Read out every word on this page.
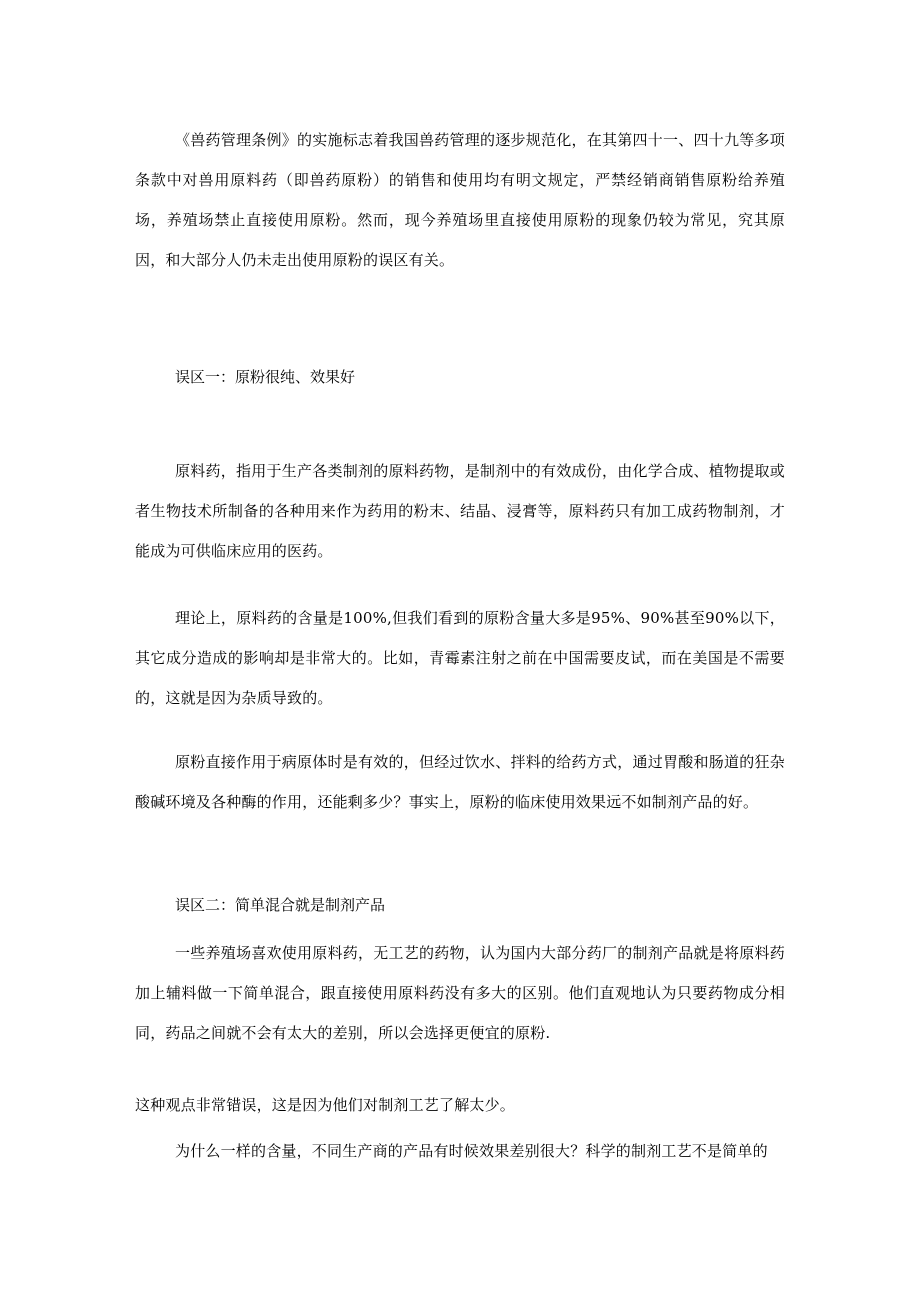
《兽药管理条例》的实施标志着我国兽药管理的逐步规范化，在其第四十一、四十九等多项条款中对兽用原料药（即兽药原粉）的销售和使用均有明文规定，严禁经销商销售原粉给养殖场，养殖场禁止直接使用原粉。然而，现今养殖场里直接使用原粉的现象仍较为常见，究其原因，和大部分人仍未走出使用原粉的误区有关。

误区一：原粉很纯、效果好

原料药，指用于生产各类制剂的原料药物，是制剂中的有效成份，由化学合成、植物提取或者生物技术所制备的各种用来作为药用的粉末、结晶、浸膏等，原料药只有加工成药物制剂，才能成为可供临床应用的医药。

理论上，原料药的含量是100%,但我们看到的原粉含量大多是95%、90%甚至90%以下，其它成分造成的影响却是非常大的。比如，青霉素注射之前在中国需要皮试，而在美国是不需要的，这就是因为杂质导致的。

原粉直接作用于病原体时是有效的，但经过饮水、拌料的给药方式，通过胃酸和肠道的狂杂酸碱环境及各种酶的作用，还能剩多少？事实上，原粉的临床使用效果远不如制剂产品的好。

误区二：简单混合就是制剂产品

一些养殖场喜欢使用原料药，无工艺的药物，认为国内大部分药厂的制剂产品就是将原料药加上辅料做一下简单混合，跟直接使用原料药没有多大的区别。他们直观地认为只要药物成分相同，药品之间就不会有太大的差别，所以会选择更便宜的原粉.

这种观点非常错误，这是因为他们对制剂工艺了解太少。

为什么一样的含量，不同生产商的产品有时候效果差别很大？科学的制剂工艺不是简单的
